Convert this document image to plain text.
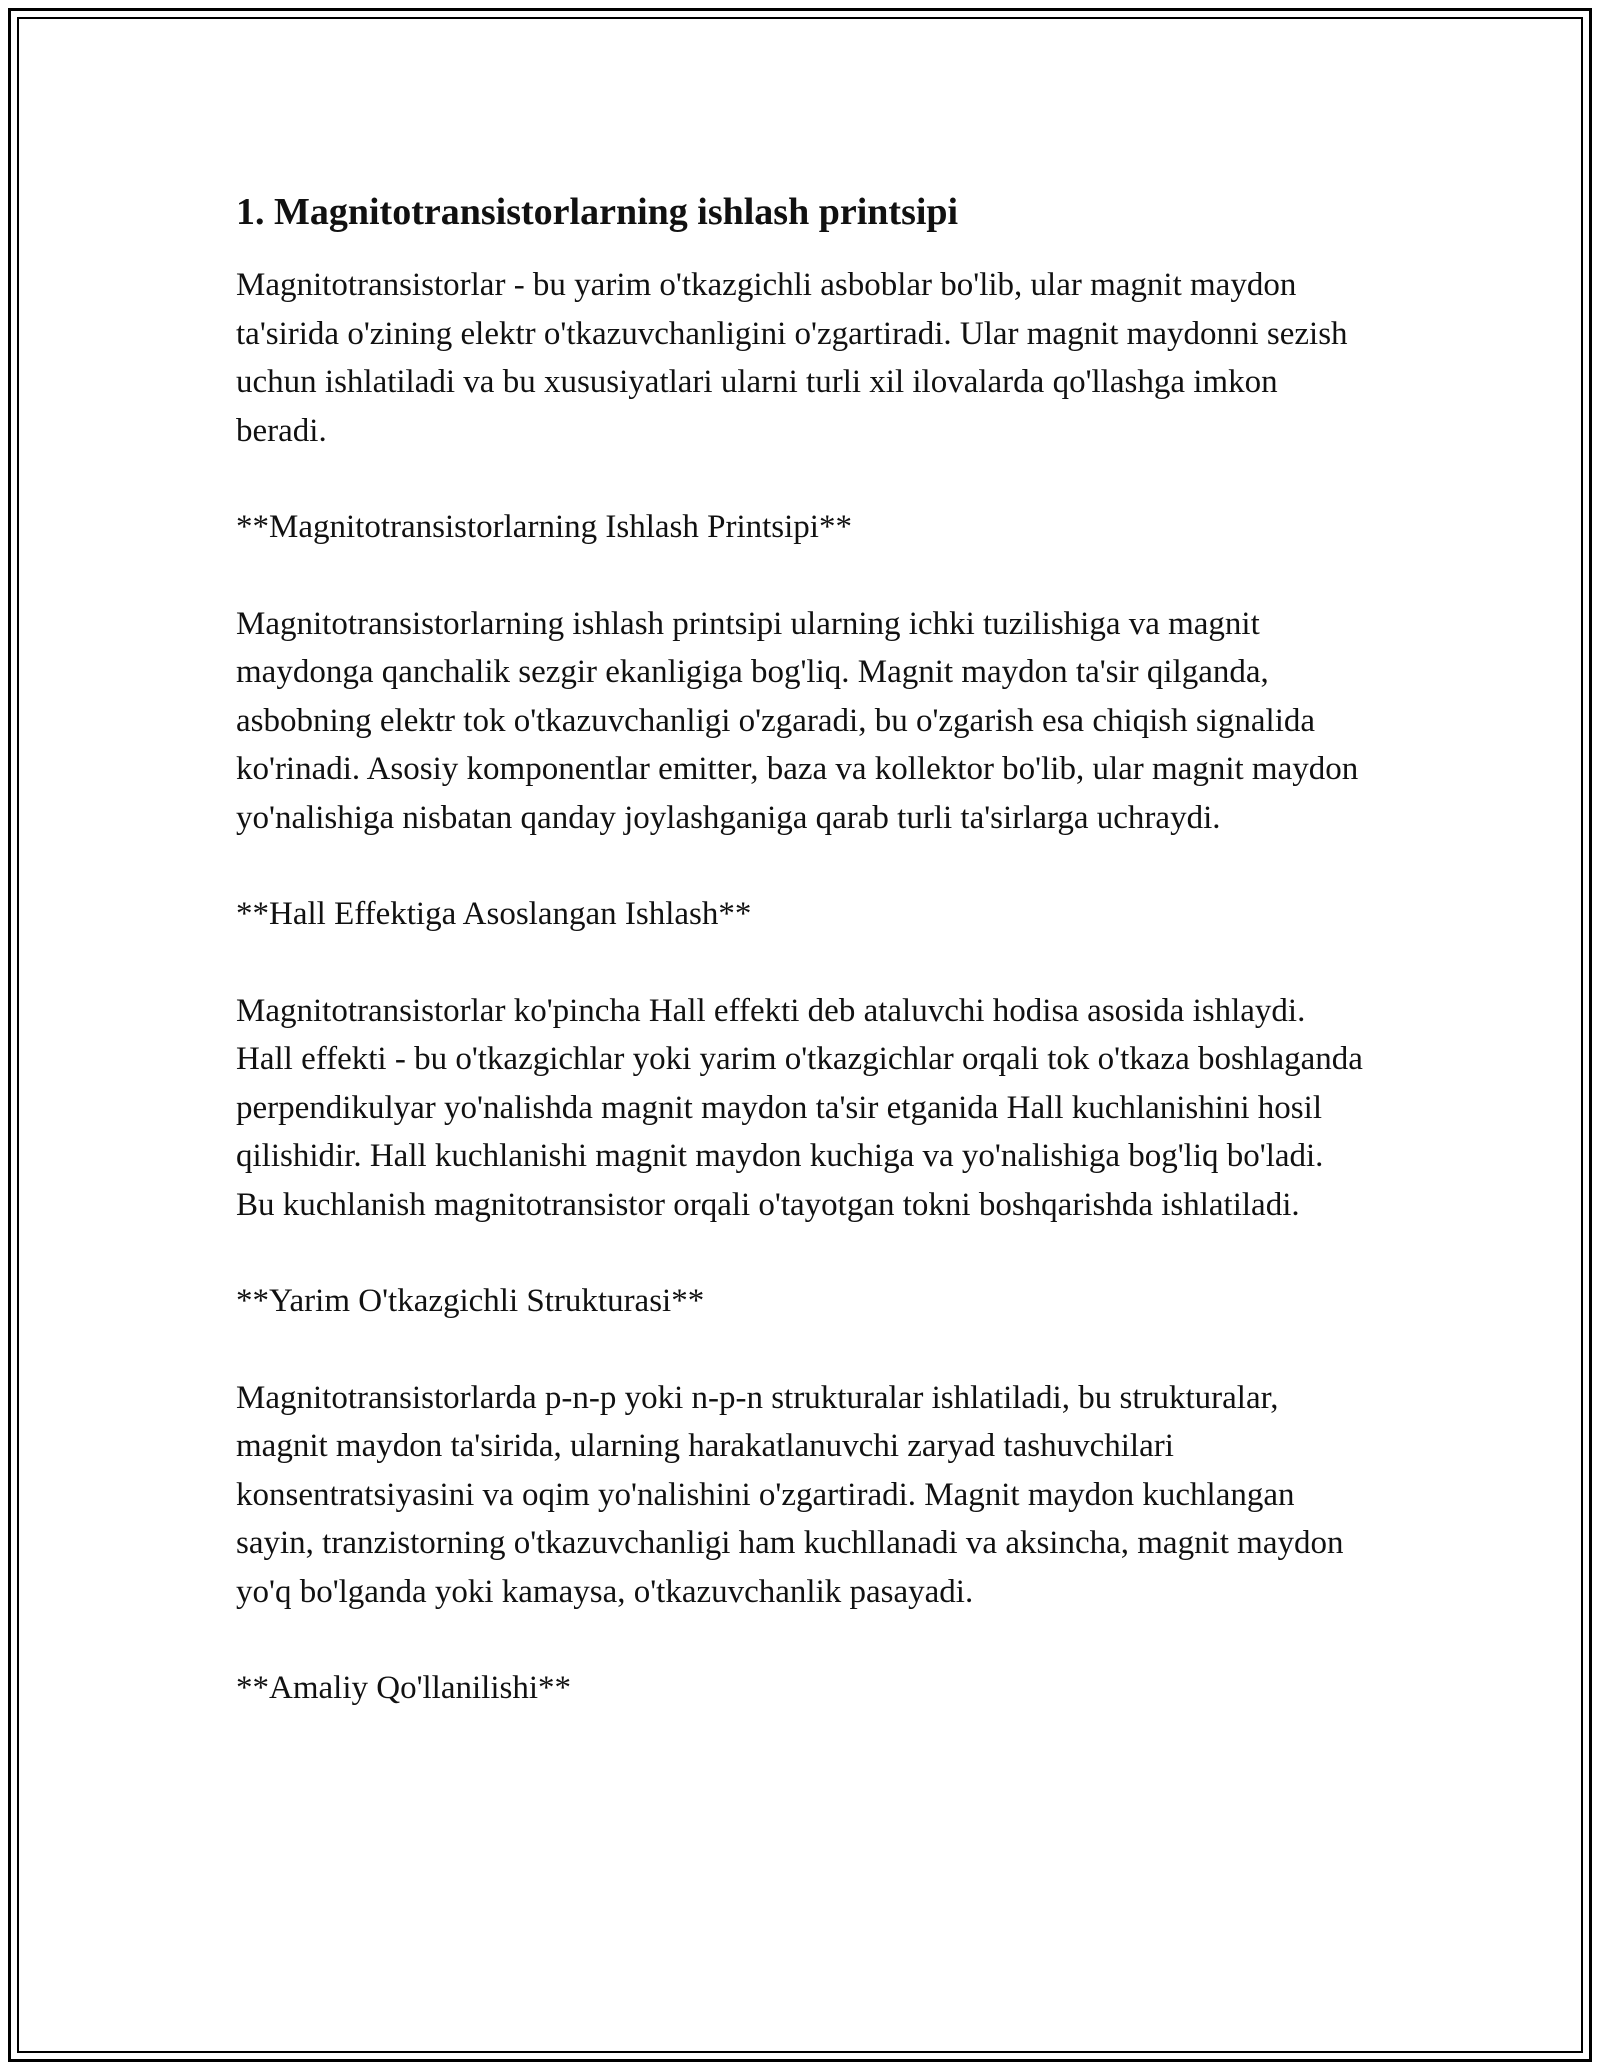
1. Magnitotransistorlarning ishlash printsipi

Magnitotransistorlar - bu yarim o'tkazgichli asboblar bo'lib, ular magnit maydon ta'sirida o'zining elektr o'tkazuvchanligini o'zgartiradi. Ular magnit maydonni sezish uchun ishlatiladi va bu xususiyatlari ularni turli xil ilovalarda qo'llashga imkon beradi.

**Magnitotransistorlarning Ishlash Printsipi**

Magnitotransistorlarning ishlash printsipi ularning ichki tuzilishiga va magnit maydonga qanchalik sezgir ekanligiga bog'liq. Magnit maydon ta'sir qilganda, asbobning elektr tok o'tkazuvchanligi o'zgaradi, bu o'zgarish esa chiqish signalida ko'rinadi. Asosiy komponentlar emitter, baza va kollektor bo'lib, ular magnit maydon yo'nalishiga nisbatan qanday joylashganiga qarab turli ta'sirlarga uchraydi.

**Hall Effektiga Asoslangan Ishlash**

Magnitotransistorlar ko'pincha Hall effekti deb ataluvchi hodisa asosida ishlaydi. Hall effekti - bu o'tkazgichlar yoki yarim o'tkazgichlar orqali tok o'tkaza boshlaganda perpendikulyar yo'nalishda magnit maydon ta'sir etganida Hall kuchlanishini hosil qilishidir. Hall kuchlanishi magnit maydon kuchiga va yo'nalishiga bog'liq bo'ladi. Bu kuchlanish magnitotransistor orqali o'tayotgan tokni boshqarishda ishlatiladi.

**Yarim O'tkazgichli Strukturasi**

Magnitotransistorlarda p-n-p yoki n-p-n strukturalar ishlatiladi, bu strukturalar, magnit maydon ta'sirida, ularning harakatlanuvchi zaryad tashuvchilari konsentratsiyasini va oqim yo'nalishini o'zgartiradi. Magnit maydon kuchlangan sayin, tranzistorning o'tkazuvchanligi ham kuchllanadi va aksincha, magnit maydon yo'q bo'lganda yoki kamaysa, o'tkazuvchanlik pasayadi.

**Amaliy Qo'llanilishi**
